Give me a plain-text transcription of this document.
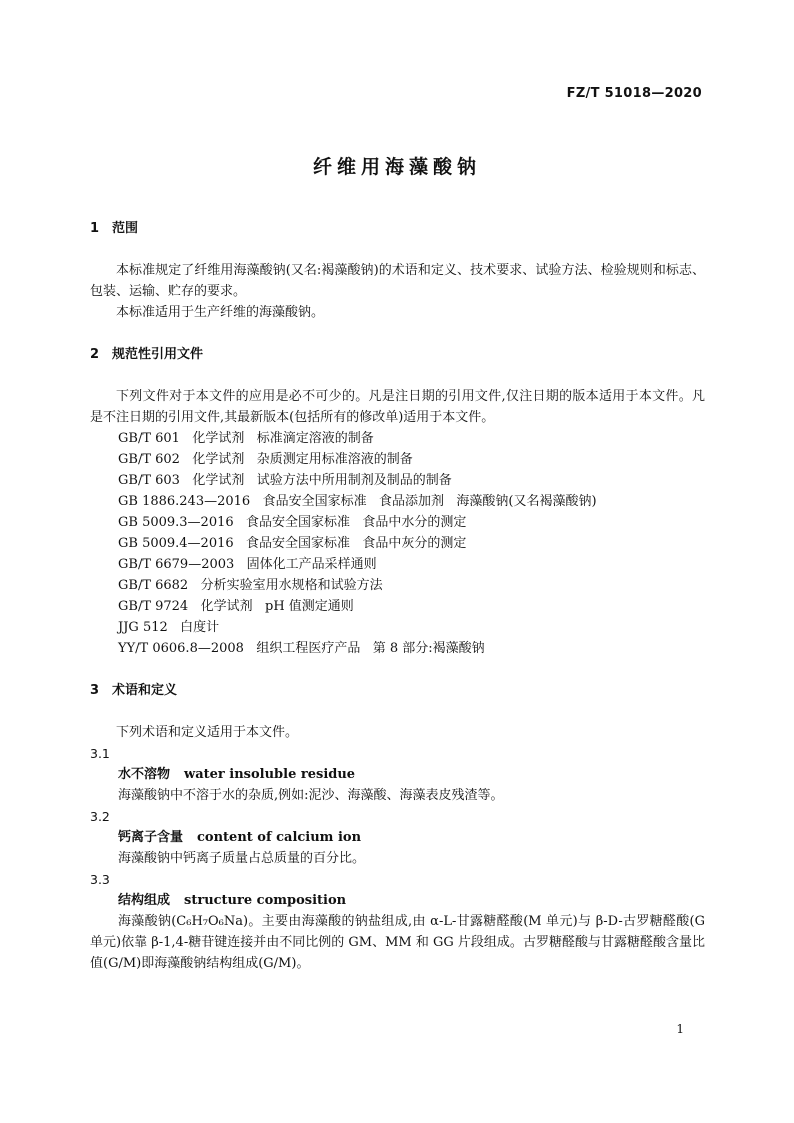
FZ/T 51018—2020
纤维用海藻酸钠
1 范围

本标准规定了纤维用海藻酸钠(又名:褐藻酸钠)的术语和定义、技术要求、试验方法、检验规则和标志、包装、运输、贮存的要求。

本标准适用于生产纤维的海藻酸钠。

2 规范性引用文件

下列文件对于本文件的应用是必不可少的。凡是注日期的引用文件,仅注日期的版本适用于本文件。凡是不注日期的引用文件,其最新版本(包括所有的修改单)适用于本文件。

GB/T 601   化学试剂   标准滴定溶液的制备
GB/T 602   化学试剂   杂质测定用标准溶液的制备
GB/T 603   化学试剂   试验方法中所用制剂及制品的制备
GB 1886.243—2016   食品安全国家标准   食品添加剂   海藻酸钠(又名褐藻酸钠)
GB 5009.3—2016   食品安全国家标准   食品中水分的测定
GB 5009.4—2016   食品安全国家标准   食品中灰分的测定
GB/T 6679—2003   固体化工产品采样通则
GB/T 6682   分析实验室用水规格和试验方法
GB/T 9724   化学试剂   pH 值测定通则
JJG 512   白度计
YY/T 0606.8—2008   组织工程医疗产品   第 8 部分:褐藻酸钠
3 术语和定义

下列术语和定义适用于本文件。

3.1
水不溶物 water insoluble residue

海藻酸钠中不溶于水的杂质,例如:泥沙、海藻酸、海藻表皮残渣等。

3.2
钙离子含量 content of calcium ion

海藻酸钠中钙离子质量占总质量的百分比。

3.3
结构组成 structure composition

海藻酸钠(C₆H₇O₆Na)。主要由海藻酸的钠盐组成,由 α-L-甘露糖醛酸(M 单元)与 β-D-古罗糖醛酸(G 单元)依靠 β-1,4-糖苷键连接并由不同比例的 GM、MM 和 GG 片段组成。古罗糖醛酸与甘露糖醛酸含量比值(G/M)即海藻酸钠结构组成(G/M)。

1
